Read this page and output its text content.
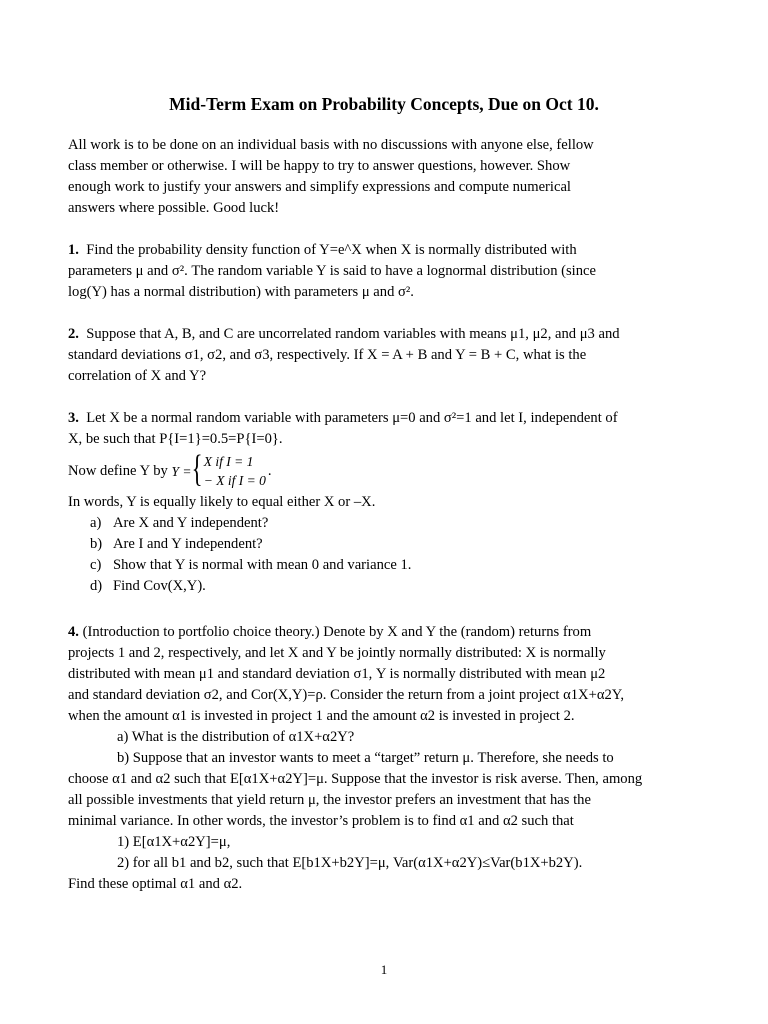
Mid-Term Exam on Probability Concepts, Due on Oct 10.
All work is to be done on an individual basis with no discussions with anyone else, fellow
class member or otherwise. I will be happy to try to answer questions, however. Show
enough work to justify your answers and simplify expressions and compute numerical
answers where possible. Good luck!
1. Find the probability density function of Y=e^X when X is normally distributed with
parameters μ and σ². The random variable Y is said to have a lognormal distribution (since
log(Y) has a normal distribution) with parameters μ and σ².
2. Suppose that A, B, and C are uncorrelated random variables with means μ1, μ2, and μ3 and
standard deviations σ1, σ2, and σ3, respectively. If X = A + B and Y = B + C, what is the
correlation of X and Y?
3. Let X be a normal random variable with parameters μ=0 and σ²=1 and let I, independent of
X, be such that P{I=1}=0.5=P{I=0}.
Now define Y by
Y = { X if I = 1
− X if I = 0
.
In words, Y is equally likely to equal either X or –X.
a) Are X and Y independent?
b) Are I and Y independent?
c) Show that Y is normal with mean 0 and variance 1.
d) Find Cov(X,Y).
4. (Introduction to portfolio choice theory.) Denote by X and Y the (random) returns from
projects 1 and 2, respectively, and let X and Y be jointly normally distributed: X is normally
distributed with mean μ1 and standard deviation σ1, Y is normally distributed with mean μ2
and standard deviation σ2, and Cor(X,Y)=ρ. Consider the return from a joint project α1X+α2Y,
when the amount α1 is invested in project 1 and the amount α2 is invested in project 2.
a) What is the distribution of α1X+α2Y?
b) Suppose that an investor wants to meet a “target” return μ. Therefore, she needs to
choose α1 and α2 such that E[α1X+α2Y]=μ. Suppose that the investor is risk averse. Then, among
all possible investments that yield return μ, the investor prefers an investment that has the
minimal variance. In other words, the investor’s problem is to find α1 and α2 such that
1) E[α1X+α2Y]=μ,
2) for all b1 and b2, such that E[b1X+b2Y]=μ, Var(α1X+α2Y)≤Var(b1X+b2Y).
Find these optimal α1 and α2.
1
